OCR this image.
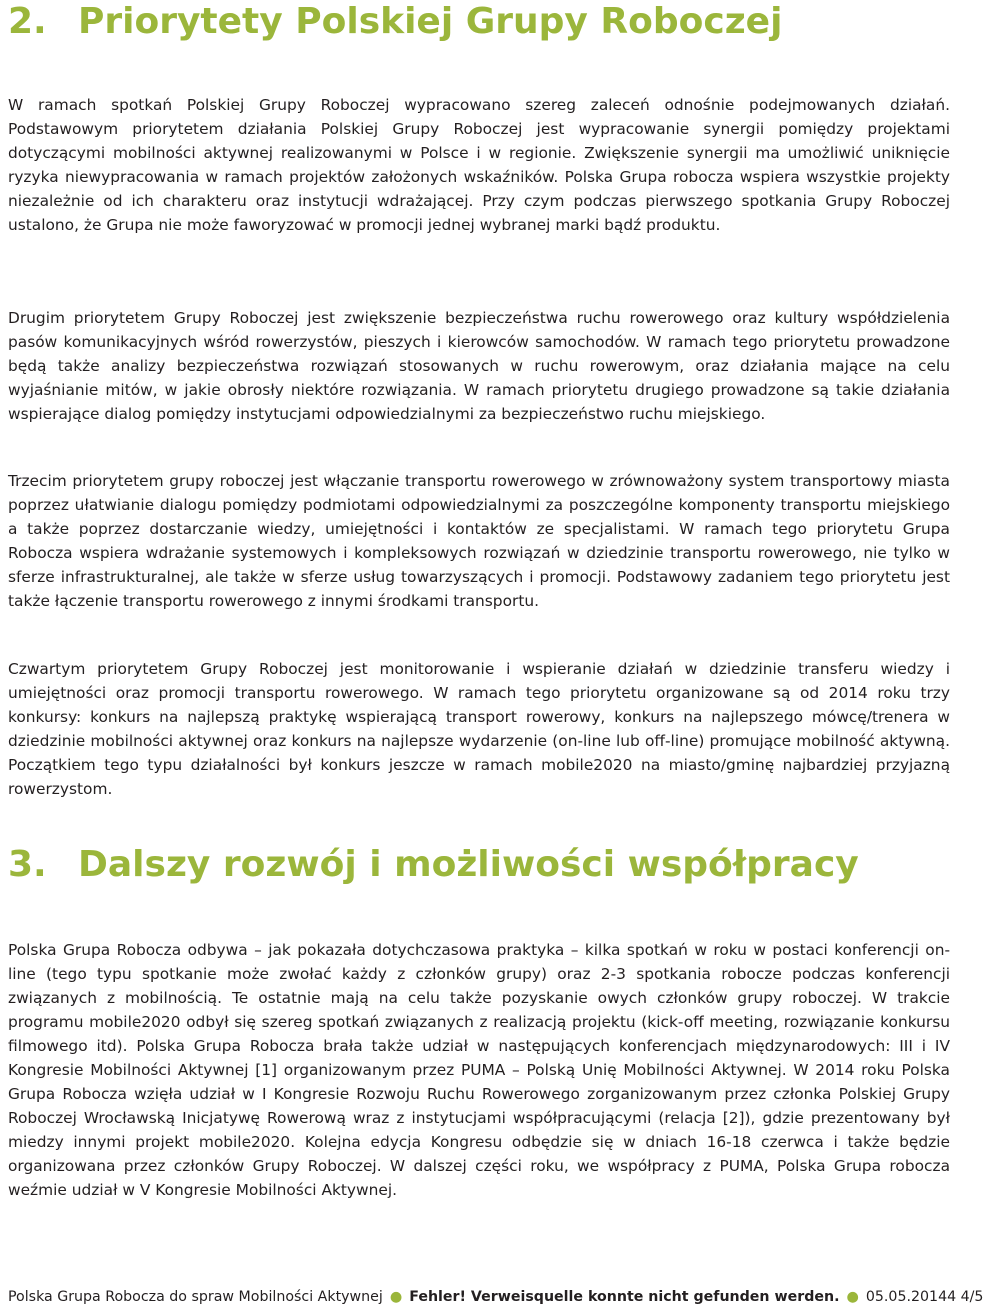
2. Priorytety Polskiej Grupy Roboczej

W ramach spotkań Polskiej Grupy Roboczej wypracowano szereg zaleceń odnośnie podejmowanych działań. Podstawowym priorytetem działania Polskiej Grupy Roboczej jest wypracowanie synergii pomiędzy projektami dotyczącymi mobilności aktywnej realizowanymi w Polsce i w regionie. Zwiększenie synergii ma umożliwić uniknięcie ryzyka niewypracowania w ramach projektów założonych wskaźników. Polska Grupa robocza wspiera wszystkie projekty niezależnie od ich charakteru oraz instytucji wdrażającej. Przy czym podczas pierwszego spotkania Grupy Roboczej ustalono, że Grupa nie może faworyzować w promocji jednej wybranej marki bądź produktu.

Drugim priorytetem Grupy Roboczej jest zwiększenie bezpieczeństwa ruchu rowerowego oraz kultury współdzielenia pasów komunikacyjnych wśród rowerzystów, pieszych i kierowców samochodów. W ramach tego priorytetu prowadzone będą także analizy bezpieczeństwa rozwiązań stosowanych w ruchu rowerowym, oraz działania mające na celu wyjaśnianie mitów, w jakie obrosły niektóre rozwiązania. W ramach priorytetu drugiego prowadzone są takie działania wspierające dialog pomiędzy instytucjami odpowiedzialnymi za bezpieczeństwo ruchu miejskiego.

Trzecim priorytetem grupy roboczej jest włączanie transportu rowerowego w zrównoważony system transportowy miasta poprzez ułatwianie dialogu pomiędzy podmiotami odpowiedzialnymi za poszczególne komponenty transportu miejskiego a także poprzez dostarczanie wiedzy, umiejętności i kontaktów ze specjalistami. W ramach tego priorytetu Grupa Robocza wspiera wdrażanie systemowych i kompleksowych rozwiązań w dziedzinie transportu rowerowego, nie tylko w sferze infrastrukturalnej, ale także w sferze usług towarzyszących i promocji. Podstawowy zadaniem tego priorytetu jest także łączenie transportu rowerowego z innymi środkami transportu.

Czwartym priorytetem Grupy Roboczej jest monitorowanie i wspieranie działań w dziedzinie transferu wiedzy i umiejętności oraz promocji transportu rowerowego. W ramach tego priorytetu organizowane są od 2014 roku trzy konkursy: konkurs na najlepszą praktykę wspierającą transport rowerowy, konkurs na najlepszego mówcę/trenera w dziedzinie mobilności aktywnej oraz konkurs na najlepsze wydarzenie (on-line lub off-line) promujące mobilność aktywną. Początkiem tego typu działalności był konkurs jeszcze w ramach mobile2020 na miasto/gminę najbardziej przyjazną rowerzystom.

3. Dalszy rozwój i możliwości współpracy

Polska Grupa Robocza odbywa – jak pokazała dotychczasowa praktyka – kilka spotkań w roku w postaci konferencji on-line (tego typu spotkanie może zwołać każdy z członków grupy) oraz 2-3 spotkania robocze podczas konferencji związanych z mobilnością. Te ostatnie mają na celu także pozyskanie owych członków grupy roboczej. W trakcie programu mobile2020 odbył się szereg spotkań związanych z realizacją projektu (kick-off meeting, rozwiązanie konkursu filmowego itd). Polska Grupa Robocza brała także udział w następujących konferencjach międzynarodowych: III i IV Kongresie Mobilności Aktywnej [1] organizowanym przez PUMA – Polską Unię Mobilności Aktywnej. W 2014 roku Polska Grupa Robocza wzięła udział w I Kongresie Rozwoju Ruchu Rowerowego zorganizowanym przez członka Polskiej Grupy Roboczej Wrocławską Inicjatywę Rowerową wraz z instytucjami współpracującymi (relacja [2]), gdzie prezentowany był miedzy innymi projekt mobile2020. Kolejna edycja Kongresu odbędzie się w dniach 16-18 czerwca i także będzie organizowana przez członków Grupy Roboczej. W dalszej części roku, we współpracy z PUMA, Polska Grupa robocza weźmie udział w V Kongresie Mobilności Aktywnej.

Polska Grupa Robocza do spraw Mobilności Aktywnej ● Fehler! Verweisquelle konnte nicht gefunden werden. ● 05.05.20144 4/5
